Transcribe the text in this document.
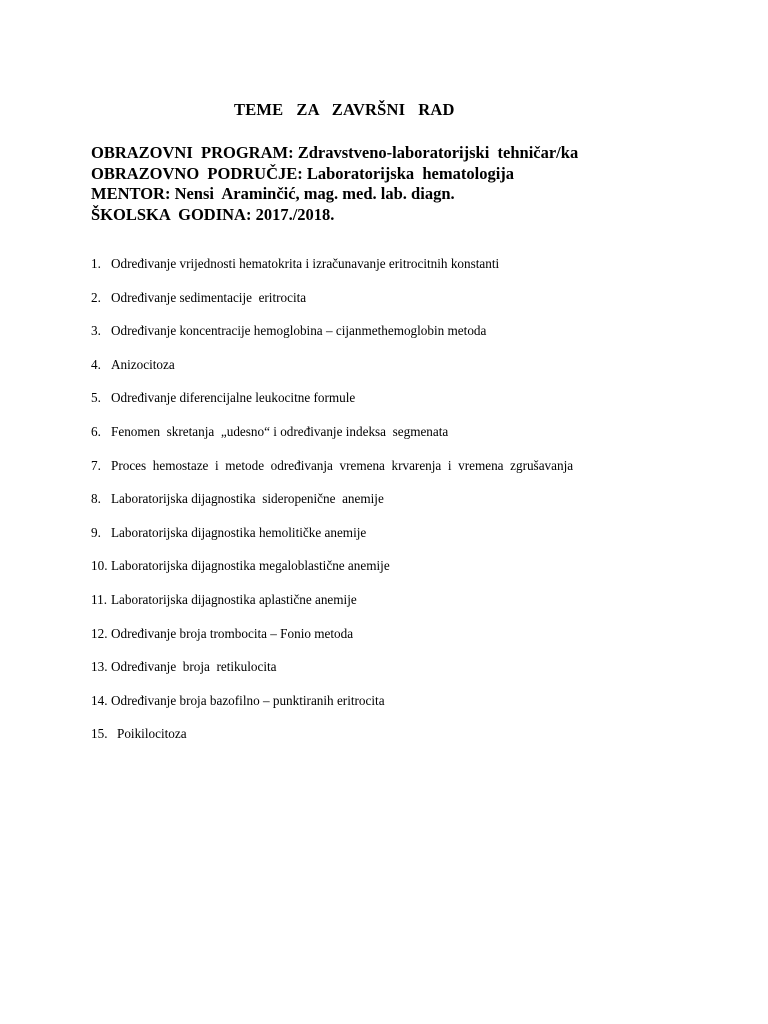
TEME   ZA   ZAVRŠNI   RAD
OBRAZOVNI  PROGRAM: Zdravstveno-laboratorijski  tehničar/ka
OBRAZOVNO  PODRUČJE: Laboratorijska  hematologija
MENTOR: Nensi  Araminčić, mag. med. lab. diagn.
ŠKOLSKA  GODINA: 2017./2018.
1. Određivanje vrijednosti hematokrita i izračunavanje eritrocitnih konstanti
2. Određivanje sedimentacije  eritrocita
3. Određivanje koncentracije hemoglobina – cijanmethemoglobin metoda
4. Anizocitoza
5. Određivanje diferencijalne leukocitne formule
6. Fenomen  skretanja  „udesno“ i određivanje indeksa  segmenata
7. Proces  hemostaze  i  metode  određivanja  vremena  krvarenja  i  vremena  zgrušavanja
8. Laboratorijska dijagnostika  sideropenične  anemije
9. Laboratorijska dijagnostika hemolitičke anemije
10. Laboratorijska dijagnostika megaloblastične anemije
11. Laboratorijska dijagnostika aplastične anemije
12. Određivanje broja trombocita – Fonio metoda
13. Određivanje  broja  retikulocita
14. Određivanje broja bazofilno – punktiranih eritrocita
15. Poikilocitoza
